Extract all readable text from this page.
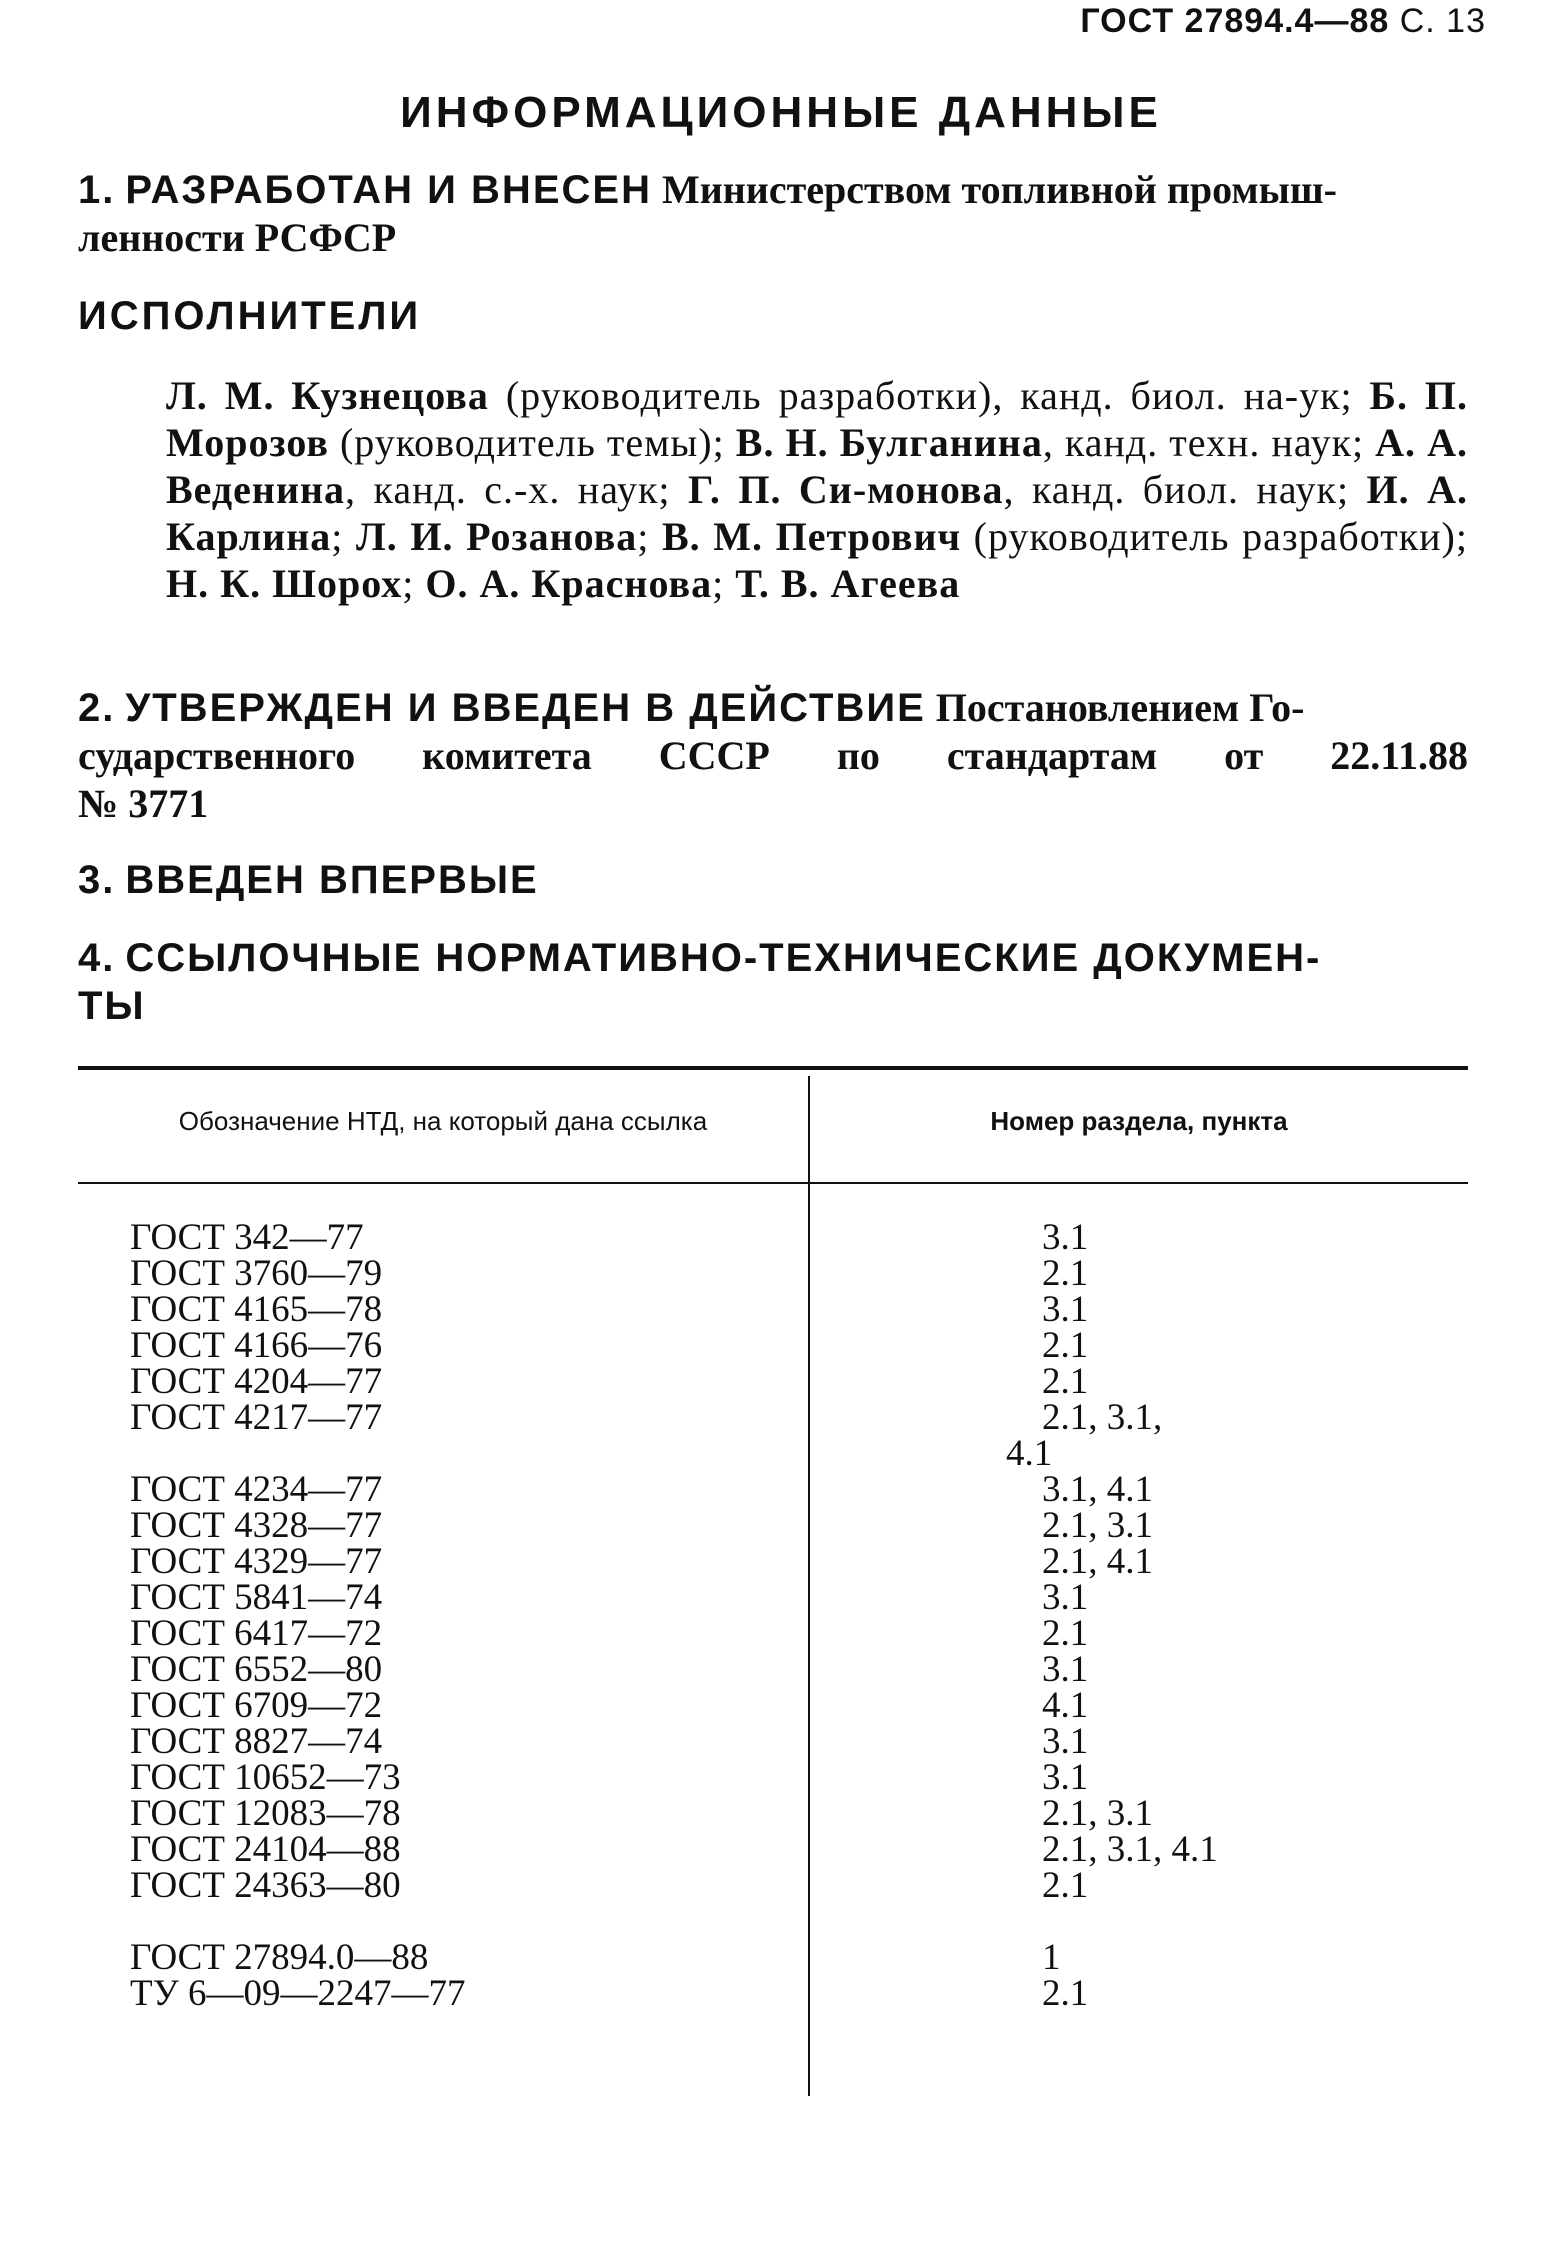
ГОСТ 27894.4—88 С. 13
ИНФОРМАЦИОННЫЕ ДАННЫЕ
1. РАЗРАБОТАН И ВНЕСЕН Министерством топливной промыш-
ленности РСФСР
ИСПОЛНИТЕЛИ
Л. М. Кузнецова (руководитель разработки), канд. биол. на-ук; Б. П. Морозов (руководитель темы); В. Н. Булганина, канд. техн. наук; А. А. Веденина, канд. с.-х. наук; Г. П. Си-монова, канд. биол. наук; И. А. Карлина; Л. И. Розанова; В. М. Петрович (руководитель разработки); Н. К. Шорох; О. А. Краснова; Т. В. Агеева
2. УТВЕРЖДЕН И ВВЕДЕН В ДЕЙСТВИЕ Постановлением Го-
сударственного комитета СССР по стандартам от 22.11.88
№ 3771
3. ВВЕДЕН ВПЕРВЫЕ
4. ССЫЛОЧНЫЕ НОРМАТИВНО-ТЕХНИЧЕСКИЕ ДОКУМЕН-
ТЫ
Обозначение НТД, на который дана ссылка	Номер раздела, пункта
ГОСТ 342—77	3.1
ГОСТ 3760—79	2.1
ГОСТ 4165—78	3.1
ГОСТ 4166—76	2.1
ГОСТ 4204—77	2.1
ГОСТ 4217—77	2.1, 3.1,
4.1
ГОСТ 4234—77	3.1, 4.1
ГОСТ 4328—77	2.1, 3.1
ГОСТ 4329—77	2.1, 4.1
ГОСТ 5841—74	3.1
ГОСТ 6417—72	2.1
ГОСТ 6552—80	3.1
ГОСТ 6709—72	4.1
ГОСТ 8827—74	3.1
ГОСТ 10652—73	3.1
ГОСТ 12083—78	2.1, 3.1
ГОСТ 24104—88	2.1, 3.1, 4.1
ГОСТ 24363—80	2.1
ГОСТ 27894.0—88	1
ТУ 6—09—2247—77	2.1
